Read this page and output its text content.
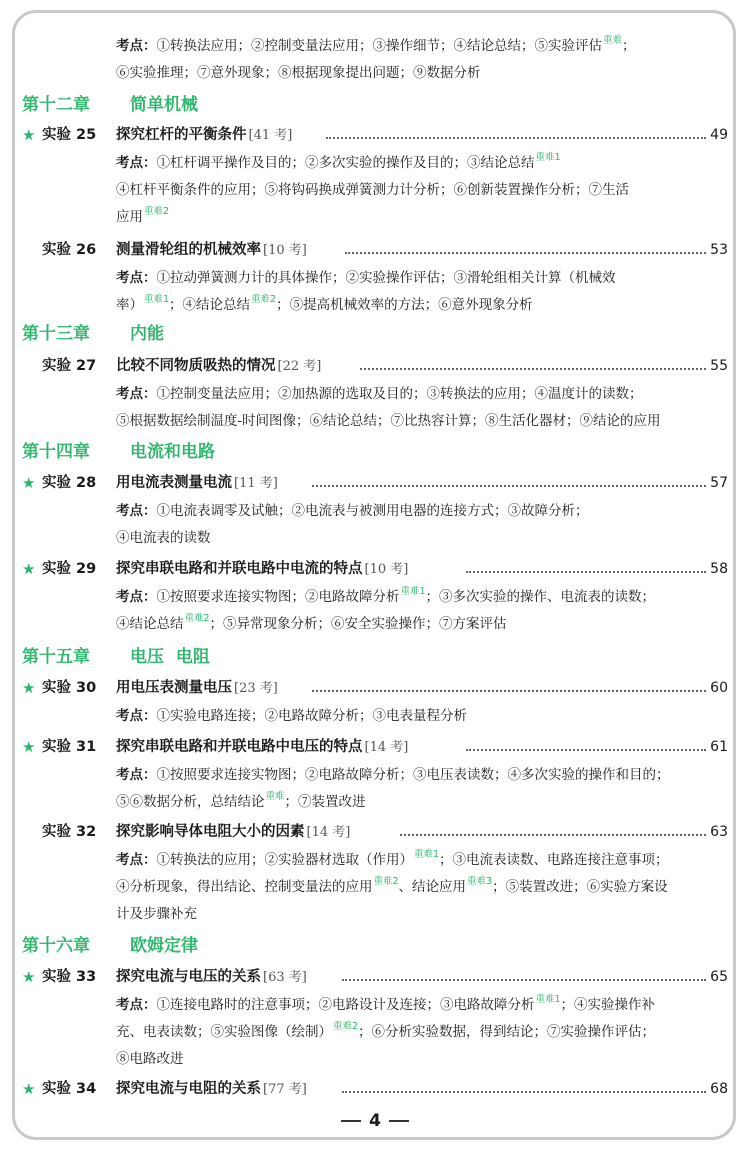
考点：①转换法应用；②控制变量法应用；③操作细节；④结论总结；⑤实验评估$^{重难}$；
⑥实验推理；⑦意外现象；⑧根据现象提出问题；⑨数据分析
第十二章 简单机械
★ 实验 25 探究杠杆的平衡条件 [41 考]	49
考点：①杠杆调平操作及目的；②多次实验的操作及目的；③结论总结$^{重难1}$
④杠杆平衡条件的应用；⑤将钩码换成弹簧测力计分析；⑥创新装置操作分析；⑦生活
应用$^{重难2}$
实验 26 测量滑轮组的机械效率 [10 考]	53
考点：①拉动弹簧测力计的具体操作；②实验操作评估；③滑轮组相关计算（机械效
率）$^{重难1}$；④结论总结$^{重难2}$；⑤提高机械效率的方法；⑥意外现象分析
第十三章 内能
实验 27 比较不同物质吸热的情况 [22 考]	55
考点：①控制变量法应用；②加热源的选取及目的；③转换法的应用；④温度计的读数；
⑤根据数据绘制温度-时间图像；⑥结论总结；⑦比热容计算；⑧生活化器材；⑨结论的应用
第十四章 电流和电路
★ 实验 28 用电流表测量电流 [11 考]	57
考点：①电流表调零及试触；②电流表与被测用电器的连接方式；③故障分析；
④电流表的读数
★ 实验 29 探究串联电路和并联电路中电流的特点 [10 考]	58
考点：①按照要求连接实物图；②电路故障分析$^{重难1}$；③多次实验的操作、电流表的读数；
④结论总结$^{重难2}$；⑤异常现象分析；⑥安全实验操作；⑦方案评估
第十五章 电压  电阻
★ 实验 30 用电压表测量电压 [23 考]	60
考点：①实验电路连接；②电路故障分析；③电表量程分析
★ 实验 31 探究串联电路和并联电路中电压的特点 [14 考]	61
考点：①按照要求连接实物图；②电路故障分析；③电压表读数；④多次实验的操作和目的；
⑤⑥数据分析，总结结论$^{重难}$；⑦装置改进
实验 32 探究影响导体电阻大小的因素 [14 考]	63
考点：①转换法的应用；②实验器材选取（作用）$^{重难1}$；③电流表读数、电路连接注意事项；
④分析现象，得出结论、控制变量法的应用$^{重难2}$、结论应用$^{重难3}$；⑤装置改进；⑥实验方案设
计及步骤补充
第十六章 欧姆定律
★ 实验 33 探究电流与电压的关系 [63 考]	65
考点：①连接电路时的注意事项；②电路设计及连接；③电路故障分析$^{重难1}$；④实验操作补
充、电表读数；⑤实验图像（绘制）$^{重难2}$；⑥分析实验数据，得到结论；⑦实验操作评估；
⑧电路改进
★ 实验 34 探究电流与电阻的关系 [77 考]	68
4
